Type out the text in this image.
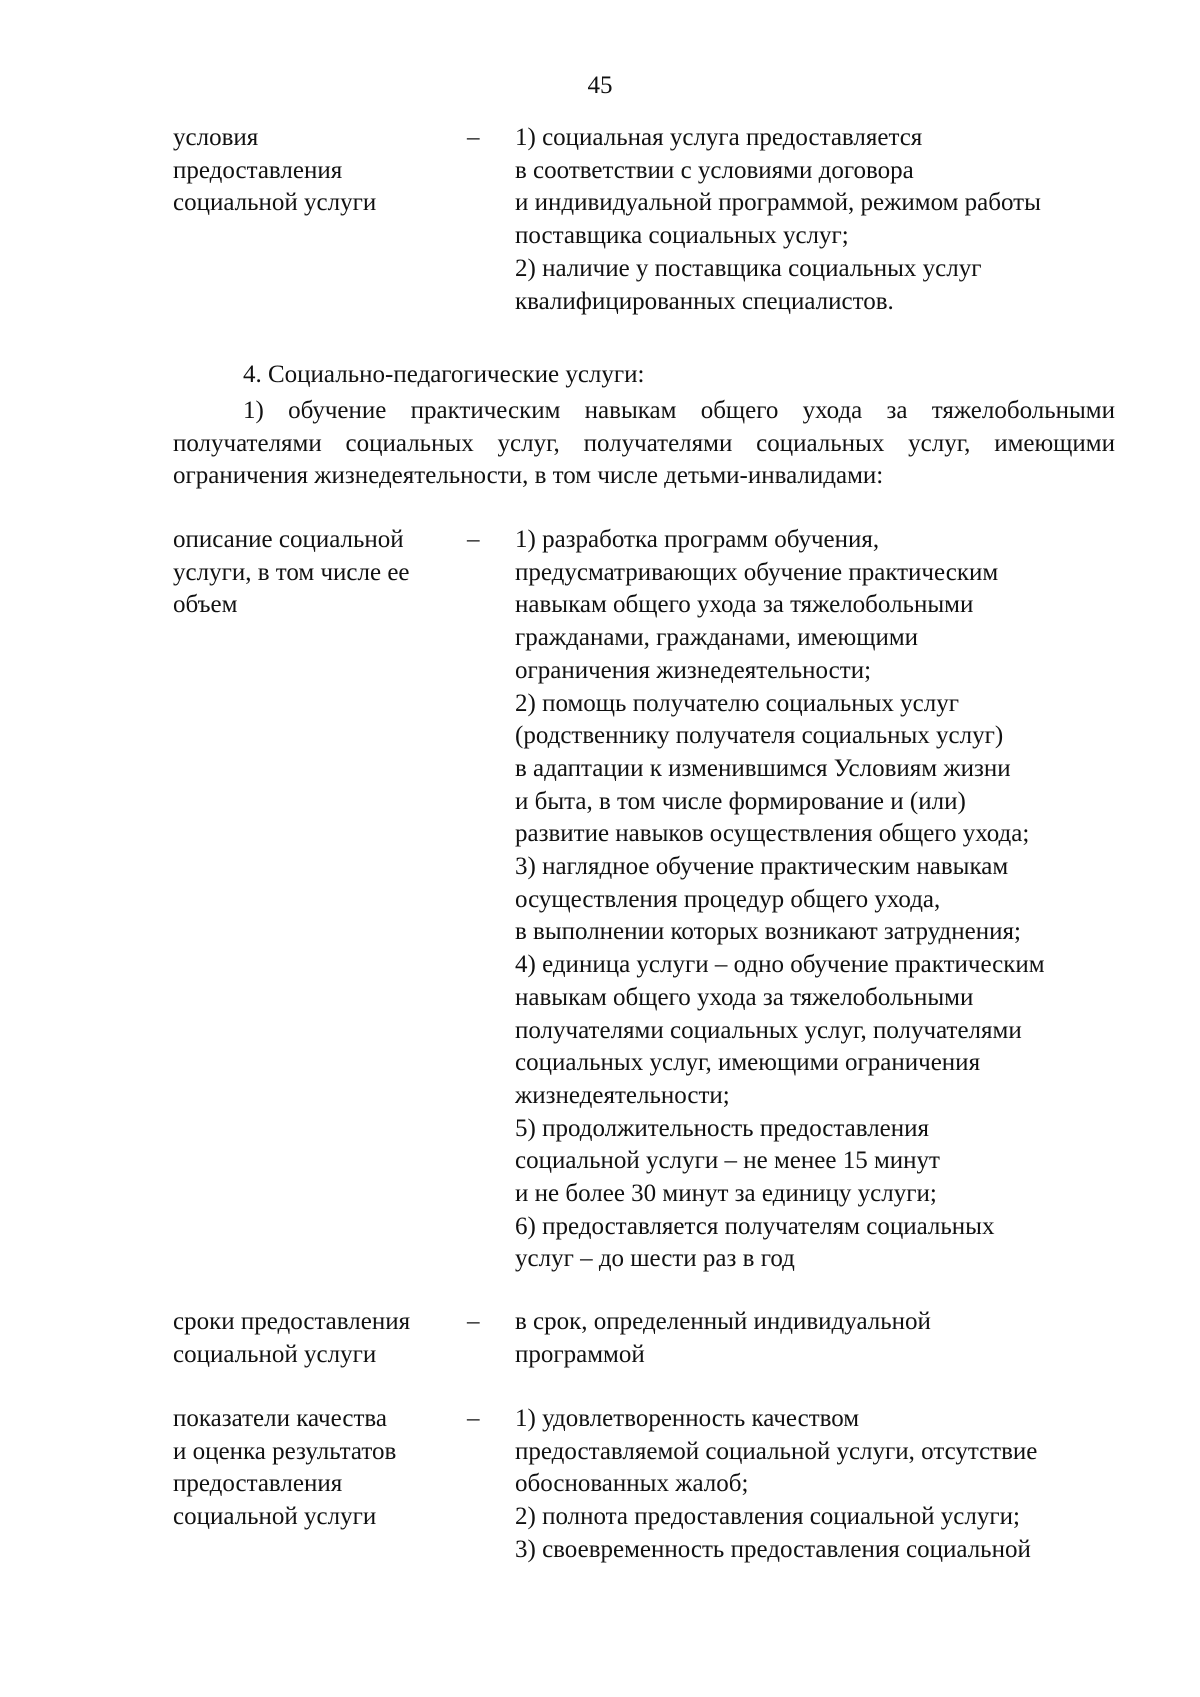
45
условия
предоставления
социальной услуги
– 1) социальная услуга предоставляется
в соответствии с условиями договора
и индивидуальной программой, режимом работы
поставщика социальных услуг;
2) наличие у поставщика социальных услуг
квалифицированных специалистов.
4. Социально-педагогические услуги:
1) обучение практическим навыкам общего ухода за тяжелобольными
получателями социальных услуг, получателями социальных услуг, имеющими
ограничения жизнедеятельности, в том числе детьми-инвалидами:
описание социальной
услуги, в том числе ее
объем
– 1) разработка программ обучения,
предусматривающих обучение практическим
навыкам общего ухода за тяжелобольными
гражданами, гражданами, имеющими
ограничения жизнедеятельности;
2) помощь получателю социальных услуг
(родственнику получателя социальных услуг)
в адаптации к изменившимся Условиям жизни
и быта, в том числе формирование и (или)
развитие навыков осуществления общего ухода;
3) наглядное обучение практическим навыкам
осуществления процедур общего ухода,
в выполнении которых возникают затруднения;
4) единица услуги – одно обучение практическим
навыкам общего ухода за тяжелобольными
получателями социальных услуг, получателями
социальных услуг, имеющими ограничения
жизнедеятельности;
5) продолжительность предоставления
социальной услуги – не менее 15 минут
и не более 30 минут за единицу услуги;
6) предоставляется получателям социальных
услуг – до шести раз в год
сроки предоставления
социальной услуги
– в срок, определенный индивидуальной
программой
показатели качества
и оценка результатов
предоставления
социальной услуги
– 1) удовлетворенность качеством
предоставляемой социальной услуги, отсутствие
обоснованных жалоб;
2) полнота предоставления социальной услуги;
3) своевременность предоставления социальной
